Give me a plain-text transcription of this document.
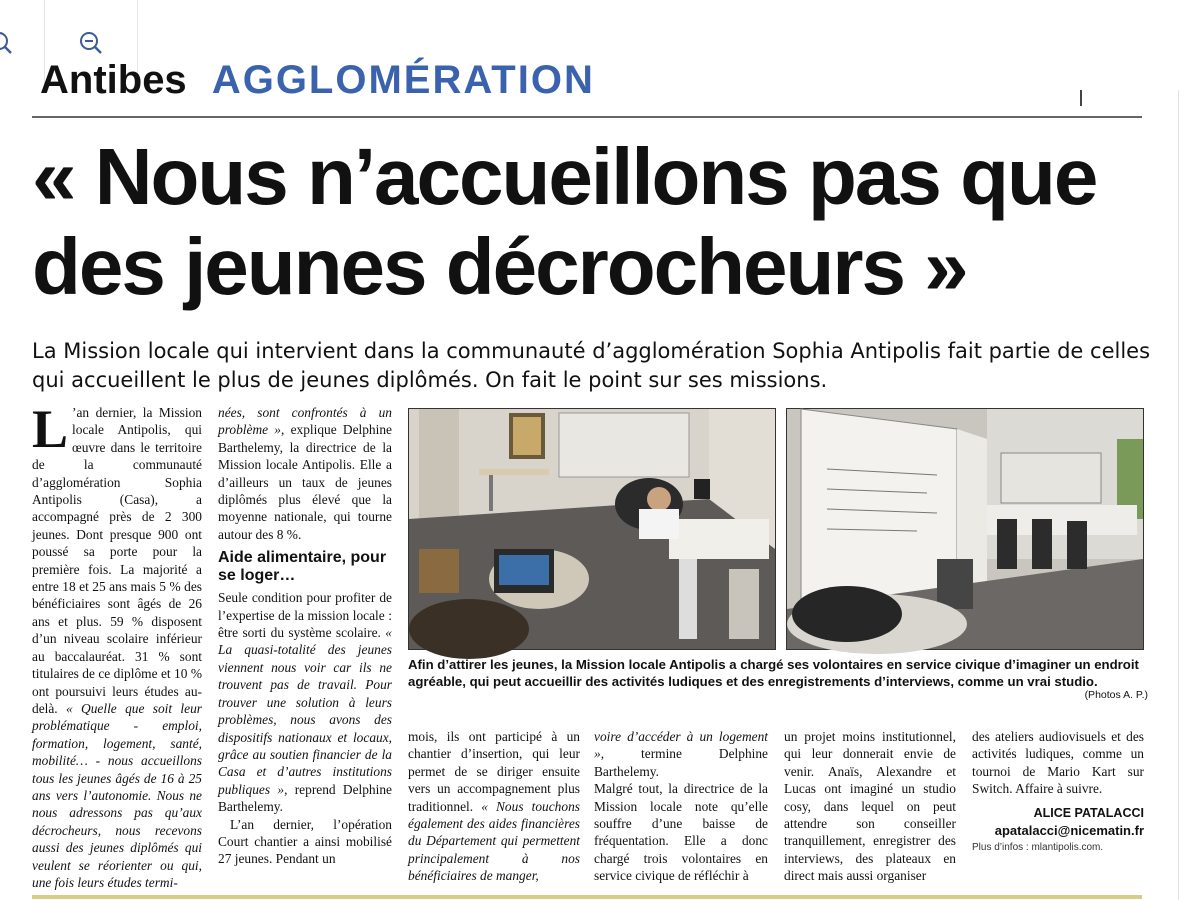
Antibes AGGLOMÉRATION
« Nous n’accueillons pas que
des jeunes décrocheurs »

La Mission locale qui intervient dans la communauté d’agglomération Sophia Antipolis fait partie de celles qui accueillent le plus de jeunes diplômés. On fait le point sur ses missions.

L ’an dernier, la Mission locale Antipolis, qui œuvre dans le territoire de la communauté d’agglomération Sophia Antipolis (Casa), a accompagné près de 2 300 jeunes. Dont presque 900 ont poussé sa porte pour la première fois. La majorité a entre 18 et 25 ans mais 5 % des bénéficiaires sont âgés de 26 ans et plus. 59 % disposent d’un niveau scolaire inférieur au baccalauréat. 31 % sont titulaires de ce diplôme et 10 % ont poursuivi leurs études au-delà. « Quelle que soit leur problématique - emploi, formation, logement, santé, mobilité… - nous accueillons tous les jeunes âgés de 16 à 25 ans vers l’autonomie. Nous ne nous adressons pas qu’aux décrocheurs, nous recevons aussi des jeunes diplômés qui veulent se réorienter ou qui, une fois leurs études termi-
nées, sont confrontés à un problème », explique Delphine Barthelemy, la directrice de la Mission locale Antipolis. Elle a d’ailleurs un taux de jeunes diplômés plus élevé que la moyenne nationale, qui tourne autour des 8 %.
Aide alimentaire, pour se loger…
Seule condition pour profiter de l’expertise de la mission locale : être sorti du système scolaire. « La quasi-totalité des jeunes viennent nous voir car ils ne trouvent pas de travail. Pour trouver une solution à leurs problèmes, nous avons des dispositifs nationaux et locaux, grâce au soutien financier de la Casa et d’autres institutions publiques », reprend Delphine Barthelemy.

L’an dernier, l’opération Court chantier a ainsi mobilisé 27 jeunes. Pendant un

Afin d’attirer les jeunes, la Mission locale Antipolis a chargé ses volontaires en service civique d’imaginer un endroit agréable, qui peut accueillir des activités ludiques et des enregistrements d’interviews, comme un vrai studio.

(Photos A. P.)
mois, ils ont participé à un chantier d’insertion, qui leur permet de se diriger ensuite vers un accompagnement plus traditionnel. « Nous touchons également des aides financières du Département qui permettent principalement à nos bénéficiaires de manger,
voire d’accéder à un logement », termine Delphine Barthelemy.

Malgré tout, la directrice de la Mission locale note qu’elle souffre d’une baisse de fréquentation. Elle a donc chargé trois volontaires en service civique de réfléchir à

un projet moins institutionnel, qui leur donnerait envie de venir. Anaïs, Alexandre et Lucas ont imaginé un studio cosy, dans lequel on peut attendre son conseiller tranquillement, enregistrer des interviews, des plateaux en direct mais aussi organiser
des ateliers audiovisuels et des activités ludiques, comme un tournoi de Mario Kart sur Switch. Affaire à suivre.
ALICE PATALACCI
apatalacci@nicematin.fr
Plus d’infos : mlantipolis.com.
